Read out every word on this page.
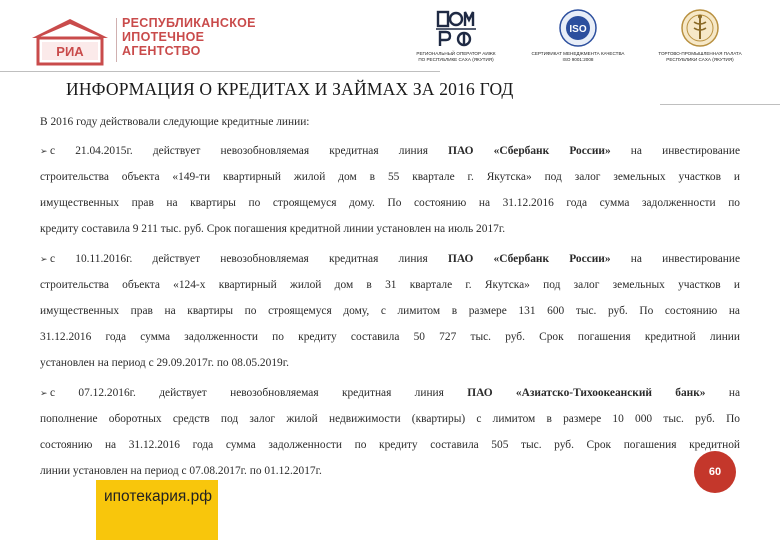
РИА
РЕСПУБЛИКАНСКОЕ
ИПОТЕЧНОЕ
АГЕНТСТВО	РЕГИОНАЛЬНЫЙ ОПЕРАТОР АИЖК
ПО РЕСПУБЛИКЕ САХА (ЯКУТИЯ)
ISO
СЕРТИФИКАТ МЕНЕДЖМЕНТА КАЧЕСТВА
ISO 9001:2008
ТОРГОВО-ПРОМЫШЛЕННАЯ ПАЛАТА
РЕСПУБЛИКИ САХА (ЯКУТИЯ)
ИНФОРМАЦИЯ О КРЕДИТАХ И ЗАЙМАХ ЗА 2016 ГОД
В 2016 году действовали следующие кредитные линии:
➢ с 21.04.2015г. действует невозобновляемая кредитная линия ПАО «Сбербанк России» на инвестирование
строительства объекта «149-ти квартирный жилой дом в 55 квартале г. Якутска» под залог земельных участков и
имущественных прав на квартиры по строящемуся дому. По состоянию на 31.12.2016 года сумма задолженности по
кредиту составила 9 211 тыс. руб. Срок погашения кредитной линии установлен на июль 2017г.
➢ с 10.11.2016г. действует невозобновляемая кредитная линия ПАО «Сбербанк России» на инвестирование
строительства объекта «124-х квартирный жилой дом в 31 квартале г. Якутска» под залог земельных участков и
имущественных прав на квартиры по строящемуся дому, с лимитом в размере 131 600 тыс. руб. По состоянию на
31.12.2016 года сумма задолженности по кредиту составила 50 727 тыс. руб. Срок погашения кредитной линии
установлен на период с 29.09.2017г. по 08.05.2019г.
➢ с 07.12.2016г. действует невозобновляемая кредитная линия ПАО «Азиатско-Тихоокеанский банк» на
пополнение оборотных средств под залог жилой недвижимости (квартиры) с лимитом в размере 10 000 тыс. руб. По
состоянию на 31.12.2016 года сумма задолженности по кредиту составила 505 тыс. руб. Срок погашения кредитной
линии установлен на период с 07.08.2017г. по 01.12.2017г.	60
ипотекария.рф
